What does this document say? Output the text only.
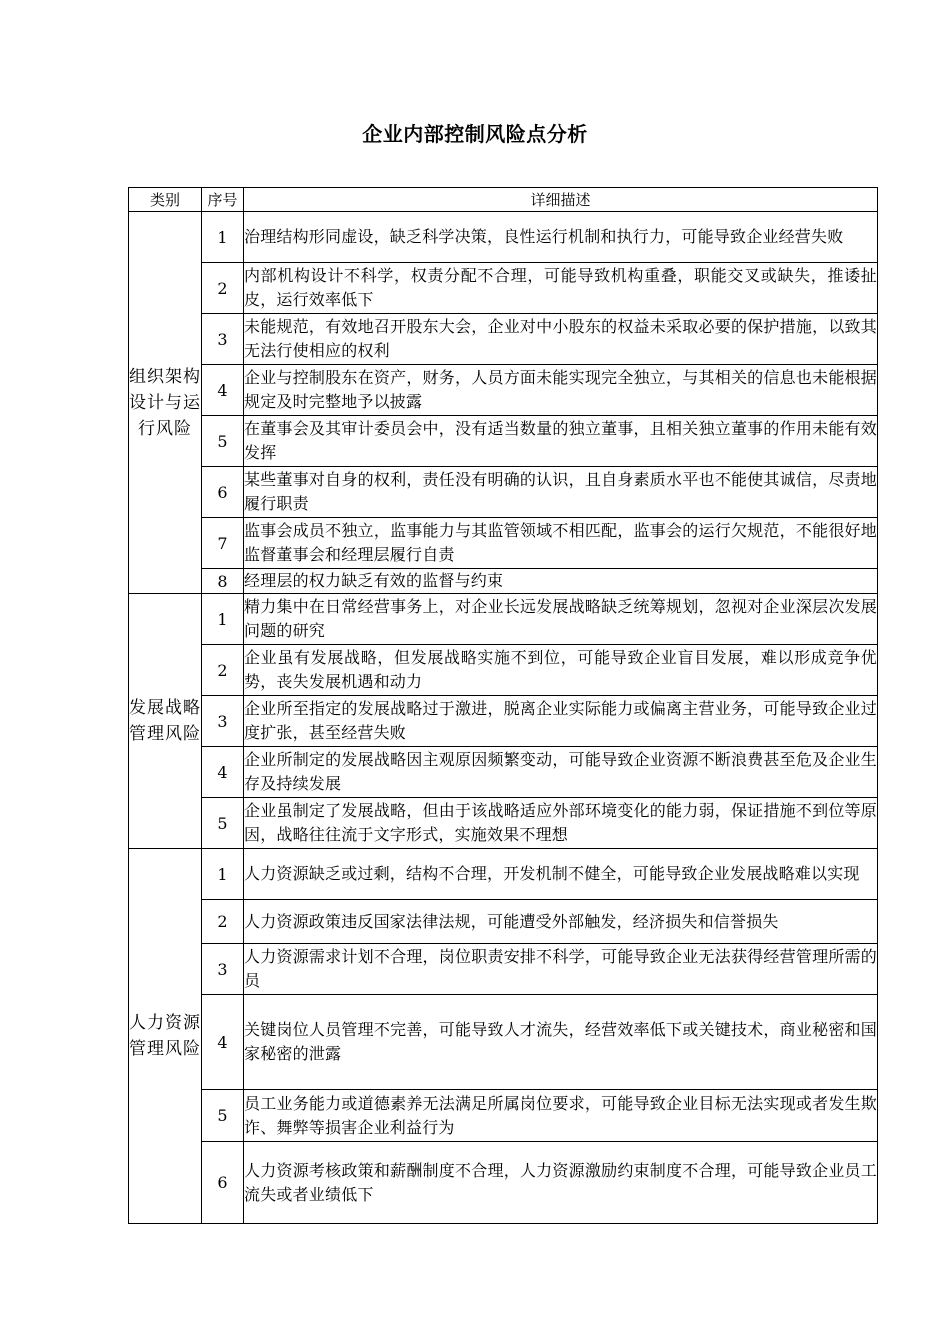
企业内部控制风险点分析
类别	序号	详细描述
组织架构设计与运行风险	1	治理结构形同虚设，缺乏科学决策，良性运行机制和执行力，可能导致企业经营失败
	2	内部机构设计不科学，权责分配不合理，可能导致机构重叠，职能交叉或缺失，推诿扯皮，运行效率低下
	3	未能规范，有效地召开股东大会，企业对中小股东的权益未采取必要的保护措施，以致其无法行使相应的权利
	4	企业与控制股东在资产，财务，人员方面未能实现完全独立，与其相关的信息也未能根据规定及时完整地予以披露
	5	在董事会及其审计委员会中，没有适当数量的独立董事，且相关独立董事的作用未能有效发挥
	6	某些董事对自身的权利，责任没有明确的认识，且自身素质水平也不能使其诚信，尽责地履行职责
	7	监事会成员不独立，监事能力与其监管领域不相匹配，监事会的运行欠规范，不能很好地监督董事会和经理层履行自责
	8	经理层的权力缺乏有效的监督与约束
发展战略管理风险	1	精力集中在日常经营事务上，对企业长远发展战略缺乏统筹规划，忽视对企业深层次发展问题的研究
	2	企业虽有发展战略，但发展战略实施不到位，可能导致企业盲目发展，难以形成竞争优势，丧失发展机遇和动力
	3	企业所至指定的发展战略过于激进，脱离企业实际能力或偏离主营业务，可能导致企业过度扩张，甚至经营失败
	4	企业所制定的发展战略因主观原因频繁变动，可能导致企业资源不断浪费甚至危及企业生存及持续发展
	5	企业虽制定了发展战略，但由于该战略适应外部环境变化的能力弱，保证措施不到位等原因，战略往往流于文字形式，实施效果不理想
人力资源管理风险	1	人力资源缺乏或过剩，结构不合理，开发机制不健全，可能导致企业发展战略难以实现
	2	人力资源政策违反国家法律法规，可能遭受外部触发，经济损失和信誉损失
	3	人力资源需求计划不合理，岗位职责安排不科学，可能导致企业无法获得经营管理所需的员
	4	关键岗位人员管理不完善，可能导致人才流失，经营效率低下或关键技术，商业秘密和国家秘密的泄露
	5	员工业务能力或道德素养无法满足所属岗位要求，可能导致企业目标无法实现或者发生欺诈、舞弊等损害企业利益行为
	6	人力资源考核政策和薪酬制度不合理，人力资源激励约束制度不合理，可能导致企业员工流失或者业绩低下
